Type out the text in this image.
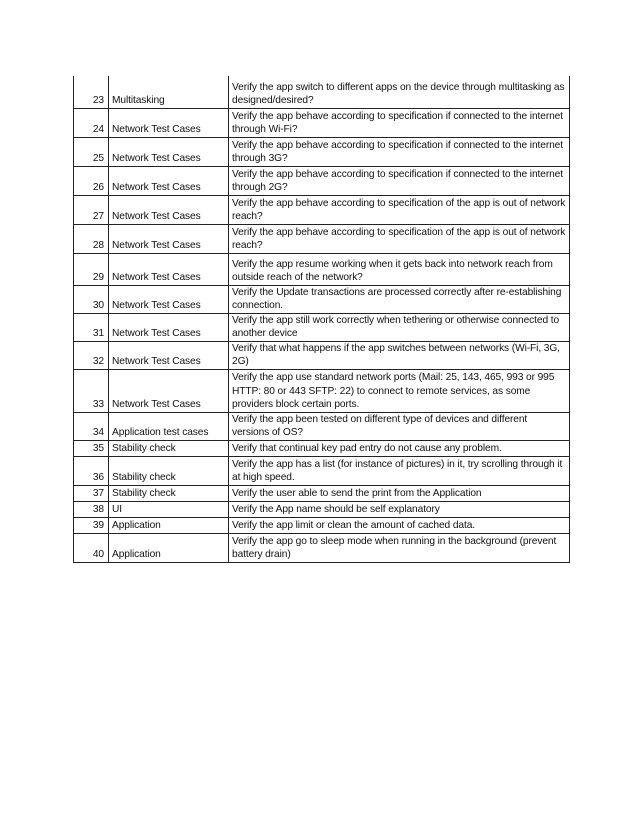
23	Multitasking	Verify the app switch to different apps on the device through multitasking as designed/desired?

24	Network Test Cases	Verify the app behave according to specification if connected to the internet through Wi-Fi?

25	Network Test Cases	Verify the app behave according to specification if connected to the internet through 3G?

26	Network Test Cases	Verify the app behave according to specification if connected to the internet through 2G?

27	Network Test Cases	Verify the app behave according to specification of the app is out of network reach?

28	Network Test Cases	Verify the app behave according to specification of the app is out of network reach?

29	Network Test Cases	Verify the app resume working when it gets back into network reach from outside reach of the network?

30	Network Test Cases	Verify the Update transactions are processed correctly after re-establishing connection.

31	Network Test Cases	Verify the app still work correctly when tethering or otherwise connected to another device

32	Network Test Cases	Verify that what happens if the app switches between networks (Wi-Fi, 3G, 2G)

33	Network Test Cases	Verify the app use standard network ports (Mail: 25, 143, 465, 993 or 995 HTTP: 80 or 443 SFTP: 22) to connect to remote services, as some providers block certain ports.

34	Application test cases	Verify the app been tested on different type of devices and different versions of OS?

35	Stability check	Verify that continual key pad entry do not cause any problem.

36	Stability check	Verify the app has a list (for instance of pictures) in it, try scrolling through it at high speed.

37	Stability check	Verify the user able to send the print from the Application

38	UI	Verify the App name should be self explanatory

39	Application	Verify the app limit or clean the amount of cached data.

40	Application	Verify the app go to sleep mode when running in the background (prevent battery drain)
